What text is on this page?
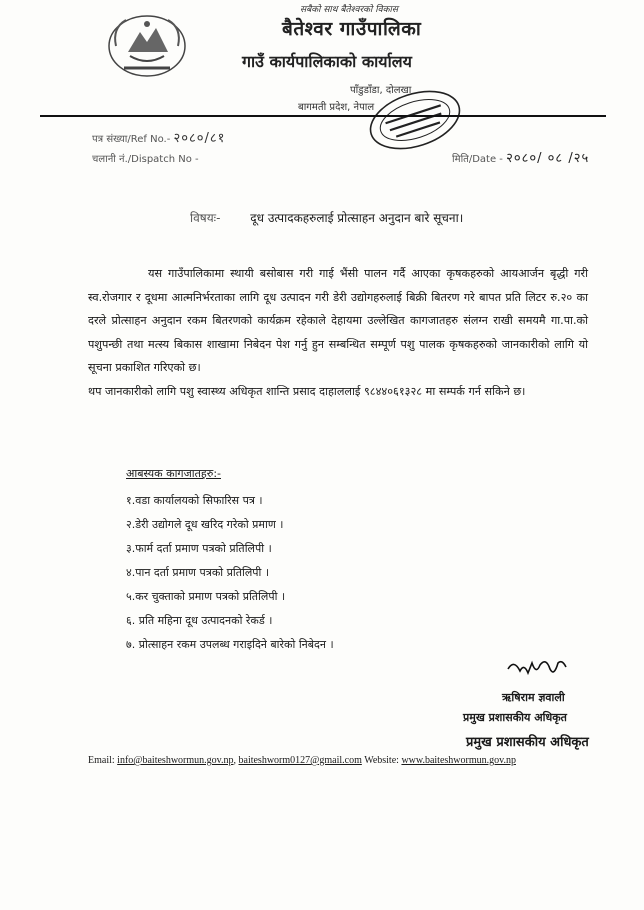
सबैको साथ बैतेश्वरको विकास
बैतेश्वर गाउँपालिका
गाउँ कार्यपालिकाको कार्यालय
पाँडुडाँडा, दोलखा
बागमती प्रदेश, नेपाल
पत्र संख्या/Ref No.- २०८०/८१
चलानी नं./Dispatch No -	मिति/Date - २०८०/ ०८ /२५
विषयः- दूध उत्पादकहरुलाई प्रोत्साहन अनुदान बारे सूचना।

यस गाउँपालिकामा स्थायी बसोबास गरी गाई भैंसी पालन गर्दै आएका कृषकहरुको आयआर्जन बृद्धी गरी स्व.रोजगार र दूधमा आत्मनिर्भरताका लागि दूध उत्पादन गरी डेरी उद्योगहरुलाई बिक्री बितरण गरे बापत प्रति लिटर रु.२० का दरले प्रोत्साहन अनुदान रकम बितरणको कार्यक्रम रहेकाले देहायमा उल्लेखित कागजातहरु संलग्न राखी समयमै गा.पा.को पशुपन्छी तथा मत्स्य बिकास शाखामा निबेदन पेश गर्नु हुन सम्बन्धित सम्पूर्ण पशु पालक कृषकहरुको जानकारीको लागि यो सूचना प्रकाशित गरिएको छ।

थप जानकारीको लागि पशु स्वास्थ्य अधिकृत शान्ति प्रसाद दाहाललाई ९८४४०६१३२८ मा सम्पर्क गर्न सकिने छ।

आबस्यक कागजातहरु:-
१.वडा कार्यालयको सिफारिस पत्र ।
२.डेरी उद्योगले दूध खरिद गरेको प्रमाण ।
३.फार्म दर्ता प्रमाण पत्रको प्रतिलिपी ।
४.पान दर्ता प्रमाण पत्रको प्रतिलिपी ।
५.कर चुक्ताको प्रमाण पत्रको प्रतिलिपी ।
६. प्रति महिना दूध उत्पादनको रेकर्ड ।
७. प्रोत्साहन रकम उपलब्ध गराइदिने बारेको निबेदन ।
ऋषिराम ज्ञवाली
प्रमुख प्रशासकीय अधिकृत
प्रमुख प्रशासकीय अधिकृत
Email: info@baiteshwormun.gov.np, baiteshworm0127@gmail.com Website: www.baiteshwormun.gov.np
